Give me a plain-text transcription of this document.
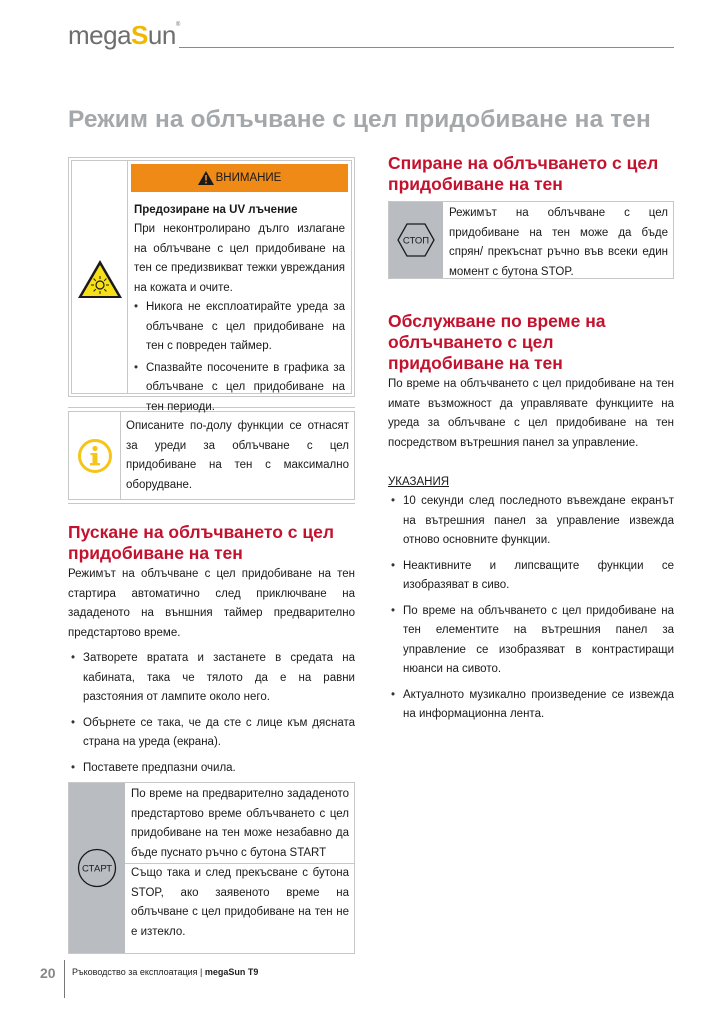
megaSun®
Режим на облъчване с цел придобиване на тен
ВНИМАНИЕ
Предозиране на UV лъчение
При неконтролирано дълго излагане на облъчване с цел придобиване на тен се предизвикват тежки увреждания на кожата и очите.
• Никога не експлоатирайте уреда за облъчване с цел придобиване на тен с повреден таймер.
• Спазвайте посочените в графика за облъчване с цел придобиване на тен периоди.
Описаните по-долу функции се отнасят за уреди за облъчване с цел придобиване на тен с максимално оборудване.
Пускане на облъчването с цел придобиване на тен

Режимът на облъчване с цел придобиване на тен стартира автоматично след приключване на зададеното на външния таймер предварително предстартово време.

• Затворете вратата и застанете в средата на кабината, така че тялото да е на равни разстояния от лампите около него.
• Обърнете се така, че да сте с лице към дясната страна на уреда (екрана).
• Поставете предпазни очила.
СТАРТ
По време на предварително зададеното предстартово време облъчването с цел придобиване на тен може незабавно да бъде пуснато ръчно с бутона START
Също така и след прекъсване с бутона STOP, ако заявеното време на облъчване с цел придобиване на тен не е изтекло.
Спиране на облъчването с цел придобиване на тен
СТОП
Режимът на облъчване с цел придобиване на тен може да бъде спрян/ прекъснат ръчно във всеки един момент с бутона STOP.
Обслужване по време на облъчването с цел придобиване на тен

По време на облъчването с цел придобиване на тен имате възможност да управлявате функциите на уреда за облъчване с цел придобиване на тен посредством вътрешния панел за управление.

УКАЗАНИЯ
• 10 секунди след последното въвеждане екранът на вътрешния панел за управление извежда отново основните функции.
• Неактивните и липсващите функции се изобразяват в сиво.
• По време на облъчването с цел придобиване на тен елементите на вътрешния панел за управление се изобразяват в контрастиращи нюанси на сивото.
• Актуалното музикално произведение се извежда на информационна лента.
20 Ръководство за експлоатация | megaSun T9
